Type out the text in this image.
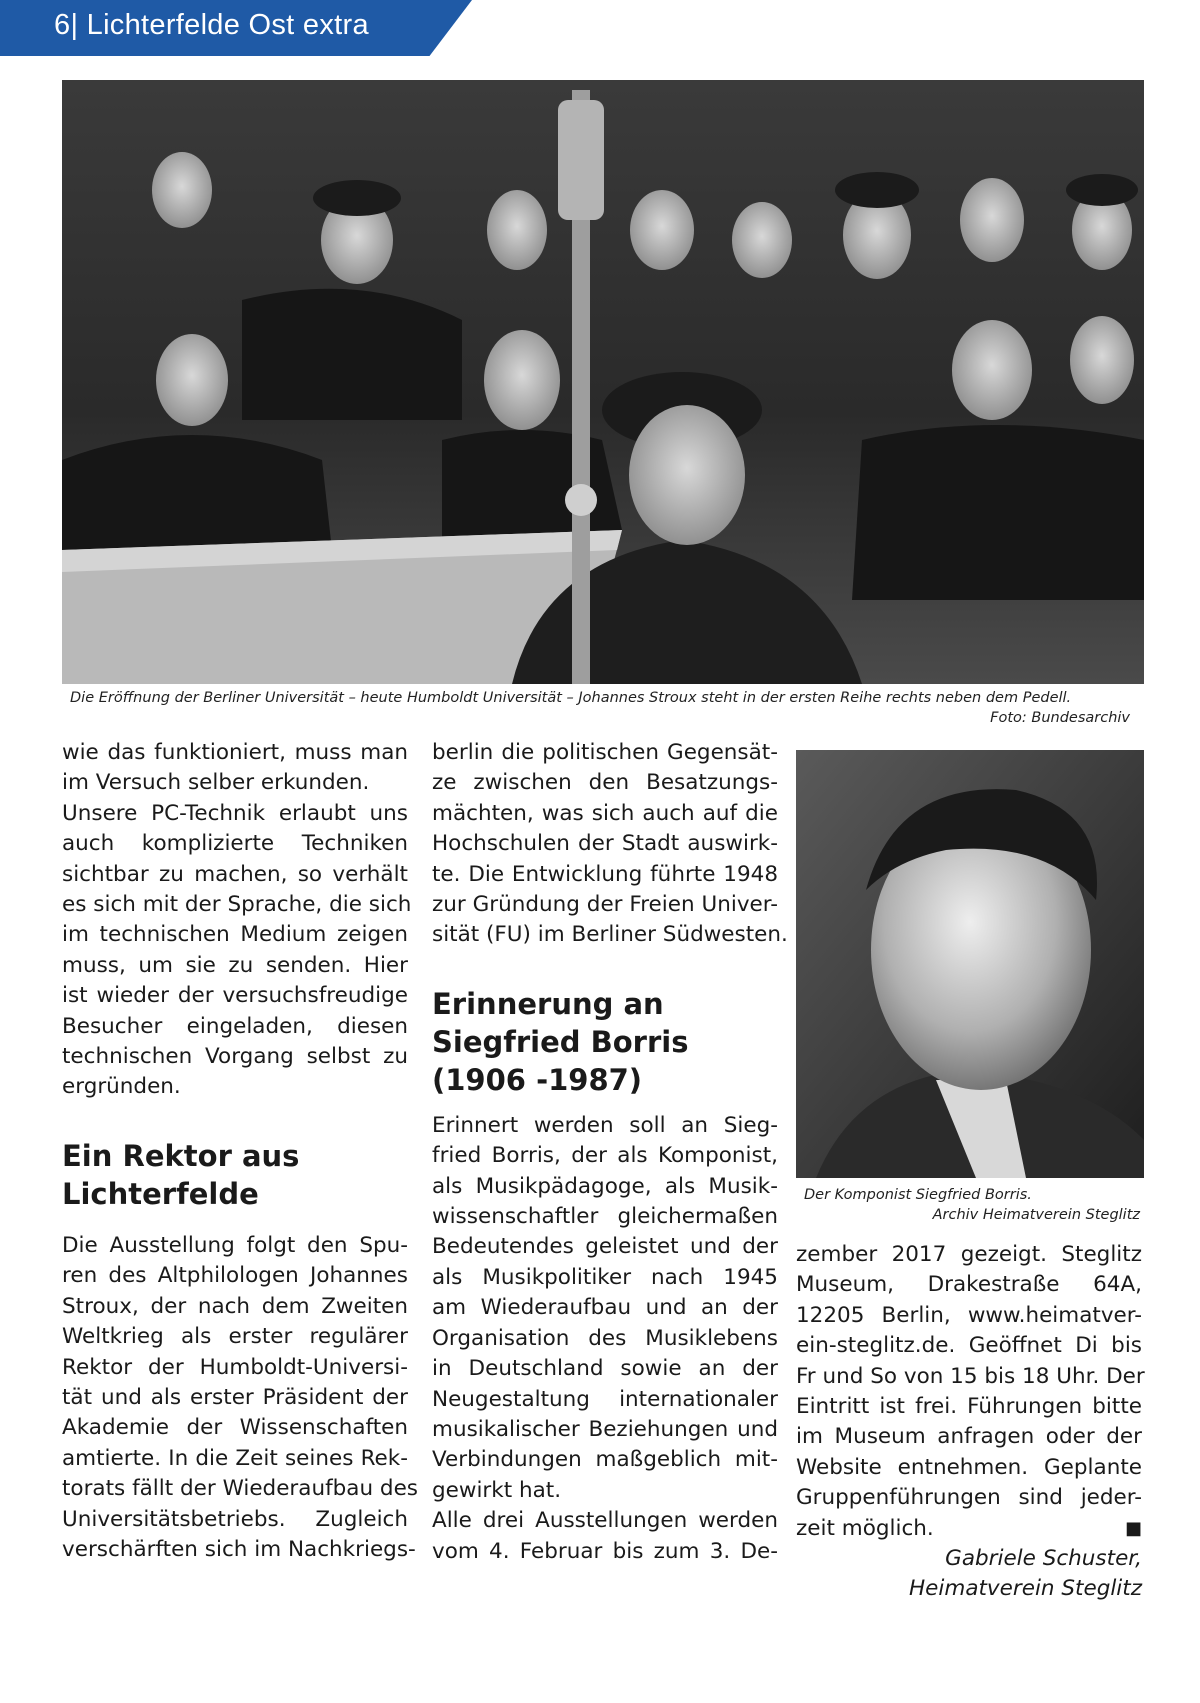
6| Lichterfelde Ost extra
Die Eröffnung der Berliner Universität – heute Humboldt Universität – Johannes Stroux steht in der ersten Reihe rechts neben dem Pedell.
Foto: Bundesarchiv

wie das funktioniert, muss man
im Versuch selber erkunden.
Unsere PC-Technik erlaubt uns
auch komplizierte Techniken
sichtbar zu machen, so verhält
es sich mit der Sprache, die sich
im technischen Medium zeigen
muss, um sie zu senden. Hier
ist wieder der versuchsfreudige
Besucher eingeladen, diesen
technischen Vorgang selbst zu
ergründen.

Ein Rektor aus
Lichterfelde

Die Ausstellung folgt den Spu-
ren des Altphilologen Johannes
Stroux, der nach dem Zweiten
Weltkrieg als erster regulärer
Rektor der Humboldt-Universi-
tät und als erster Präsident der
Akademie der Wissenschaften
amtierte. In die Zeit seines Rek-
torats fällt der Wiederaufbau des
Universitätsbetriebs. Zugleich
verschärften sich im Nachkriegs-

berlin die politischen Gegensät-
ze zwischen den Besatzungs-
mächten, was sich auch auf die
Hochschulen der Stadt auswirk-
te. Die Entwicklung führte 1948
zur Gründung der Freien Univer-
sität (FU) im Berliner Südwesten.

Erinnerung an
Siegfried Borris
(1906 -1987)

Erinnert werden soll an Sieg-
fried Borris, der als Komponist,
als Musikpädagoge, als Musik-
wissenschaftler gleichermaßen
Bedeutendes geleistet und der
als Musikpolitiker nach 1945
am Wiederaufbau und an der
Organisation des Musiklebens
in Deutschland sowie an der
Neugestaltung internationaler
musikalischer Beziehungen und
Verbindungen maßgeblich mit-
gewirkt hat.
Alle drei Ausstellungen werden
vom 4. Februar bis zum 3. De-

Der Komponist Siegfried Borris.
Archiv Heimatverein Steglitz

zember 2017 gezeigt. Steglitz
Museum, Drakestraße 64A,
12205 Berlin, www.heimatver-
ein-steglitz.de. Geöffnet Di bis
Fr und So von 15 bis 18 Uhr. Der
Eintritt ist frei. Führungen bitte
im Museum anfragen oder der
Website entnehmen. Geplante
Gruppenführungen sind jeder-
zeit möglich.	■

Gabriele Schuster,
Heimatverein Steglitz
